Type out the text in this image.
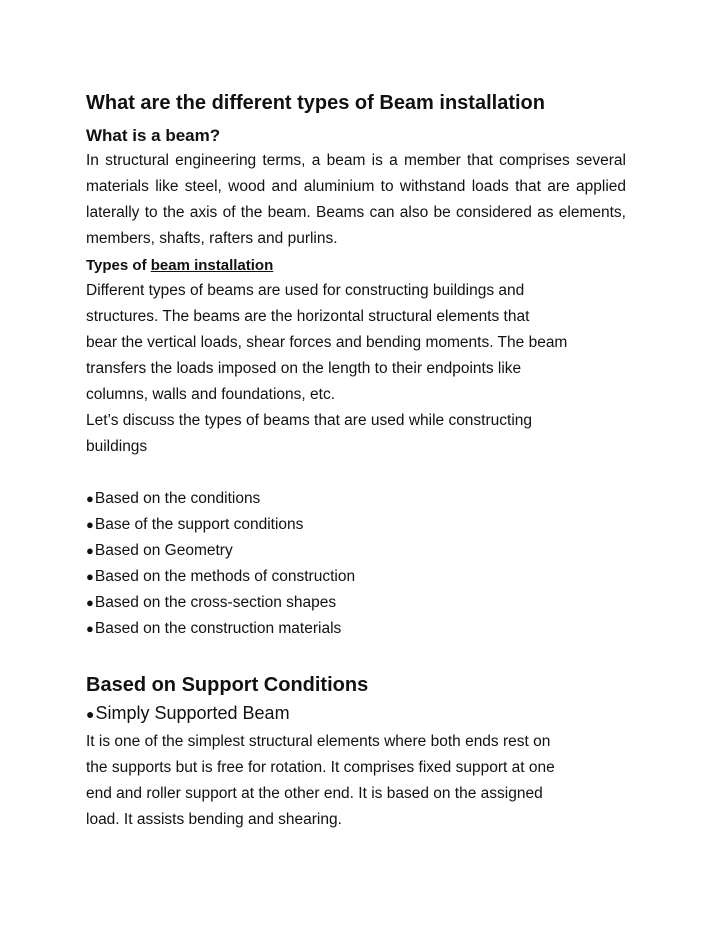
What are the different types of Beam installation
What is a beam?

In structural engineering terms, a beam is a member that comprises several materials like steel, wood and aluminium to withstand loads that are applied laterally to the axis of the beam. Beams can also be considered as elements, members, shafts, rafters and purlins.

Types of beam installation
Different types of beams are used for constructing buildings and
structures. The beams are the horizontal structural elements that
bear the vertical loads, shear forces and bending moments. The beam
transfers the loads imposed on the length to their endpoints like
columns, walls and foundations, etc.
Let’s discuss the types of beams that are used while constructing
buildings
●Based on the conditions
●Base of the support conditions
●Based on Geometry
●Based on the methods of construction
●Based on the cross-section shapes
●Based on the construction materials
Based on Support Conditions
●Simply Supported Beam
It is one of the simplest structural elements where both ends rest on
the supports but is free for rotation. It comprises fixed support at one
end and roller support at the other end. It is based on the assigned
load. It assists bending and shearing.
